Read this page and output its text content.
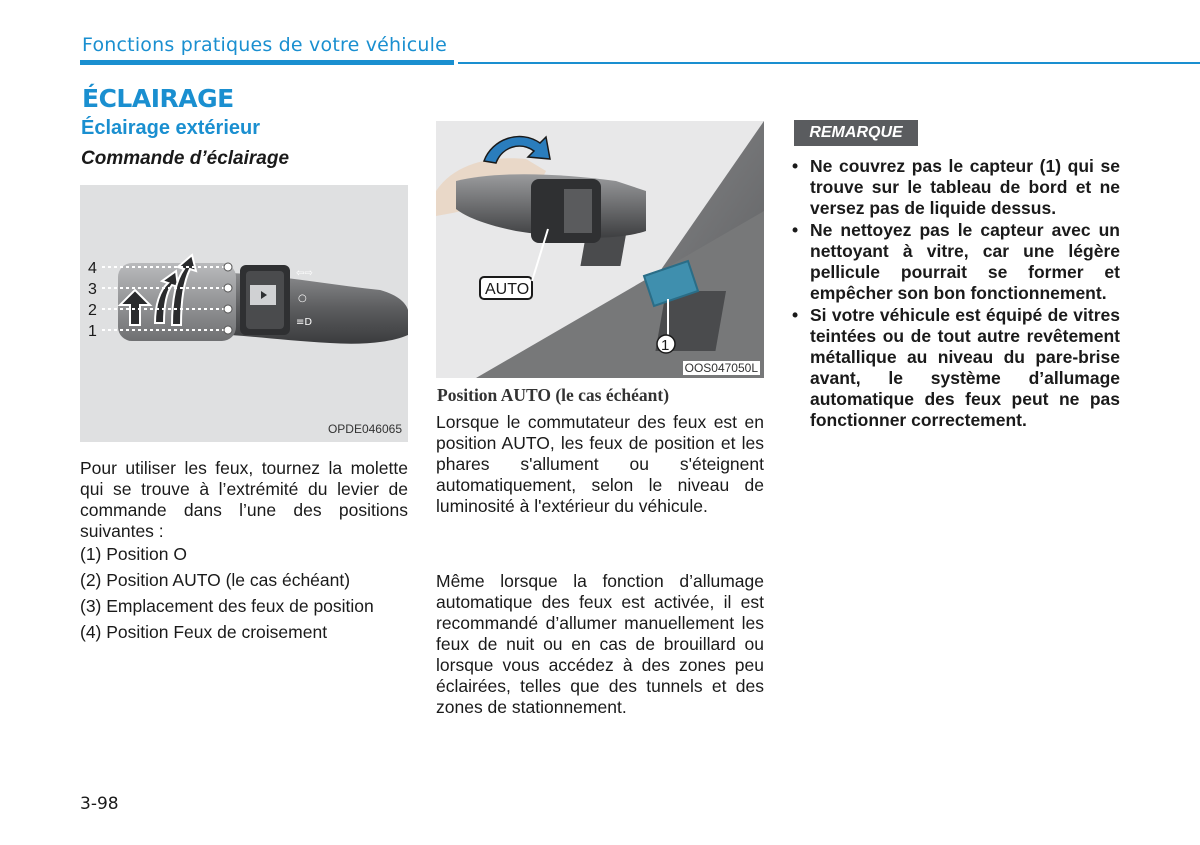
Fonctions pratiques de votre véhicule
ÉCLAIRAGE
Éclairage extérieur
Commande d’éclairage
⇦⇨
○
≡D
4
3
2
1
OPDE046065
1
AUTO
OOS047050L
Pour utiliser les feux, tournez la molette qui se trouve à l’extrémité du levier de commande dans l’une des positions suivantes :
(1) Position O
(2) Position AUTO (le cas échéant)
(3) Emplacement des feux de position
(4) Position Feux de croisement
Position AUTO (le cas échéant)
Lorsque le commutateur des feux est en position AUTO, les feux de position et les phares s'allument ou s'éteignent automatiquement, selon le niveau de luminosité à l'extérieur du véhicule.
Même lorsque la fonction d’allumage automatique des feux est activée, il est recommandé d’allumer manuellement les feux de nuit ou en cas de brouillard ou lorsque vous accédez à des zones peu éclairées, telles que des tunnels et des zones de stationnement.
REMARQUE
• Ne couvrez pas le capteur (1) qui se trouve sur le tableau de bord et ne versez pas de liquide dessus.
• Ne nettoyez pas le capteur avec un nettoyant à vitre, car une légère pellicule pourrait se former et empêcher son bon fonctionnement.
• Si votre véhicule est équipé de vitres teintées ou de tout autre revêtement métallique au niveau du pare-brise avant, le système d’allumage automatique des feux peut ne pas fonctionner correctement.
3-98
